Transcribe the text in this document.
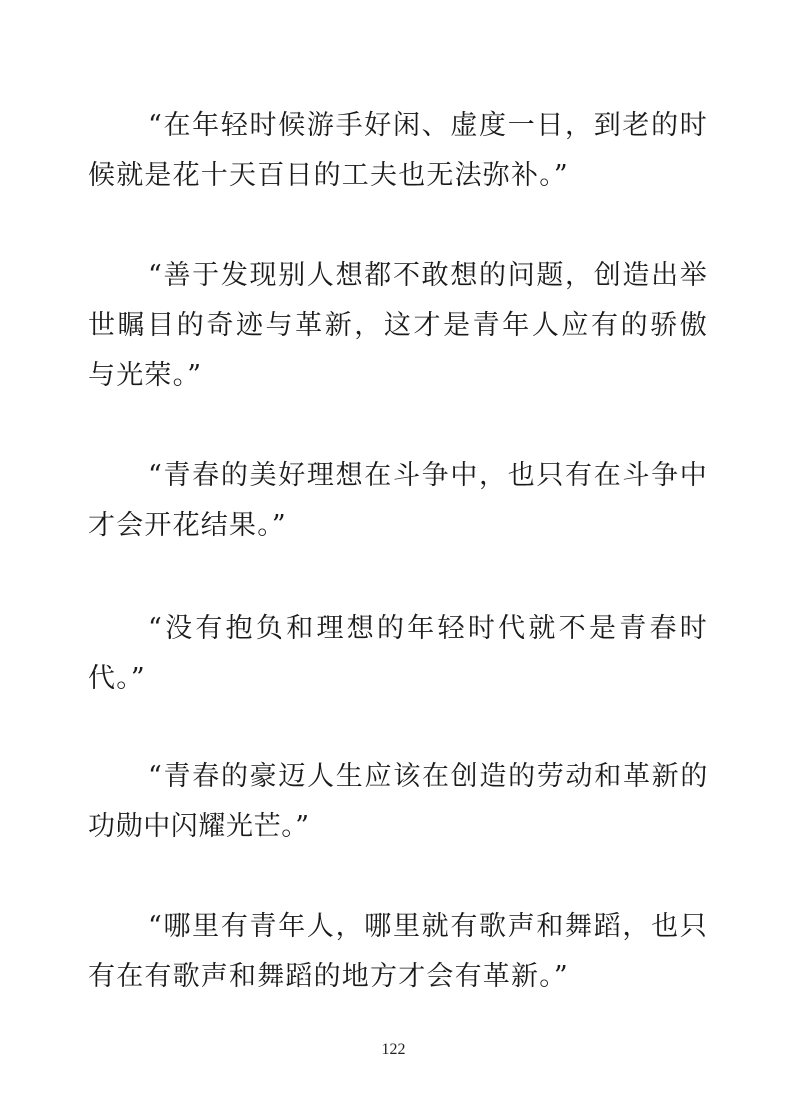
“在年轻时候游手好闲、虚度一日，到老的时候就是花十天百日的工夫也无法弥补。”

“善于发现别人想都不敢想的问题，创造出举世瞩目的奇迹与革新，这才是青年人应有的骄傲与光荣。”

“青春的美好理想在斗争中，也只有在斗争中才会开花结果。”

“没有抱负和理想的年轻时代就不是青春时代。”

“青春的豪迈人生应该在创造的劳动和革新的功勋中闪耀光芒。”

“哪里有青年人，哪里就有歌声和舞蹈，也只有在有歌声和舞蹈的地方才会有革新。”

122
